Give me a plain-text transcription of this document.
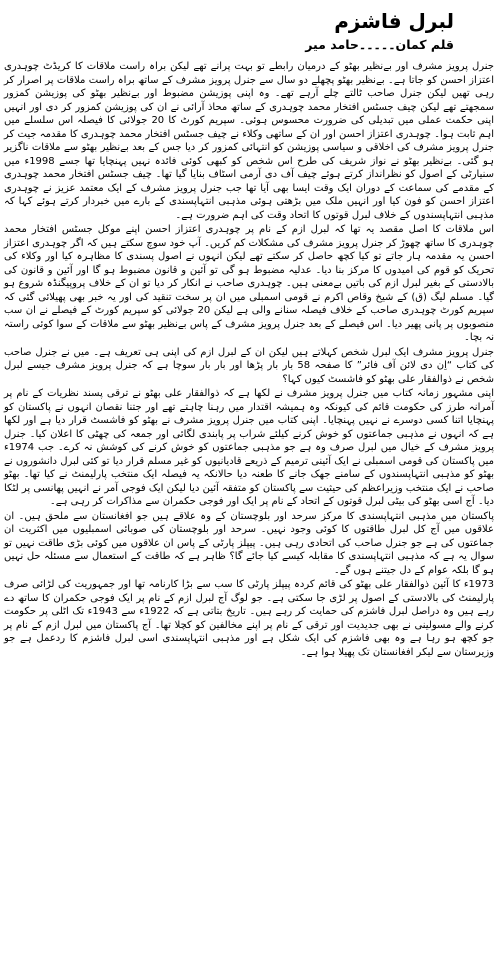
لبرل فاشزم
قلم کمان۔۔۔۔۔حامد میر

جنرل پرویز مشرف اور بےنظیر بھٹو کے درمیان رابطے تو بہت پرانے تھے لیکن براہ راست ملاقات کا کریڈٹ چوہدری اعتزاز احسن کو جاتا ہے۔ بےنظیر بھٹو پچھلے دو سال سے جنرل پرویز مشرف کے ساتھ براہ راست ملاقات پر اصرار کر رہی تھیں لیکن جنرل صاحب ٹالتے چلے آرہے تھے۔ وہ اپنی پوزیشن مضبوط اور بےنظیر بھٹو کی پوزیشن کمزور سمجھتے تھے لیکن چیف جسٹس افتخار محمد چوہدری کے ساتھ محاذ آرائی نے ان کی پوزیشن کمزور کر دی اور انہیں اپنی حکمت عملی میں تبدیلی کی ضرورت محسوس ہوئی۔ سپریم کورٹ کا 20 جولائی کا فیصلہ اس سلسلے میں اہم ثابت ہوا۔ چوہدری اعتزاز احسن اور ان کے ساتھی وکلاء نے چیف جسٹس افتخار محمد چوہدری کا مقدمہ جیت کر جنرل پرویز مشرف کی اخلاقی و سیاسی پوزیشن کو انتہائی کمزور کر دیا جس کے بعد بےنظیر بھٹو سے ملاقات ناگزیر ہو گئی۔ بےنظیر بھٹو نے نواز شریف کی طرح اس شخص کو کبھی کوئی فائدہ نہیں پہنچایا تھا جسے 1998ء میں سنیارٹی کے اصول کو نظرانداز کرتے ہوئے چیف آف دی آرمی اسٹاف بنایا گیا تھا۔ چیف جسٹس افتخار محمد چوہدری کے مقدمے کی سماعت کے دوران ایک وقت ایسا بھی آیا تھا جب جنرل پرویز مشرف کے ایک معتمد عزیز نے چوہدری اعتزاز احسن کو فون کیا اور انہیں ملک میں بڑھتی ہوئی مذہبی انتہاپسندی کے بارے میں خبردار کرتے ہوئے کہا کہ مذہبی انتہاپسندوں کے خلاف لبرل قوتوں کا اتحاد وقت کی اہم ضرورت ہے۔

اس ملاقات کا اصل مقصد یہ تھا کہ لبرل ازم کے نام پر چوہدری اعتزاز احسن اپنے موکل جسٹس افتخار محمد چوہدری کا ساتھ چھوڑ کر جنرل پرویز مشرف کی مشکلات کم کریں۔ آپ خود سوچ سکتے ہیں کہ اگر چوہدری اعتزاز احسن یہ مقدمہ ہار جاتے تو کیا کچھ حاصل کر سکتے تھے لیکن انہوں نے اصول پسندی کا مظاہرہ کیا اور وکلاء کی تحریک کو قوم کی امیدوں کا مرکز بنا دیا۔ عدلیہ مضبوط ہو گی تو آئین و قانون مضبوط ہو گا اور آئین و قانون کی بالادستی کے بغیر لبرل ازم کی باتیں بےمعنی ہیں۔ چوہدری صاحب نے انکار کر دیا تو ان کے خلاف پروپیگنڈہ شروع ہو گیا۔ مسلم لیگ (ق) کے شیخ وقاص اکرم نے قومی اسمبلی میں ان پر سخت تنقید کی اور یہ خبر بھی پھیلائی گئی کہ سپریم کورٹ چوہدری صاحب کے خلاف فیصلہ سنانے والی ہے لیکن 20 جولائی کو سپریم کورٹ کے فیصلے نے ان سب منصوبوں پر پانی پھیر دیا۔ اس فیصلے کے بعد جنرل پرویز مشرف کے پاس بےنظیر بھٹو سے ملاقات کے سوا کوئی راستہ نہ بچا۔

جنرل پرویز مشرف ایک لبرل شخص کہلاتے ہیں لیکن ان کے لبرل ازم کی اپنی ہی تعریف ہے۔ میں نے جنرل صاحب کی کتاب “اِن دی لائن آف فائر” کا صفحہ 58 بار بار پڑھا اور بار بار سوچا ہے کہ جنرل پرویز مشرف جیسے لبرل شخص نے ذوالفقار علی بھٹو کو فاشسٹ کیوں کہا؟

اپنی مشہور زمانہ کتاب میں جنرل پرویز مشرف نے لکھا ہے کہ ذوالفقار علی بھٹو نے ترقی پسند نظریات کے نام پر آمرانہ طرز کی حکومت قائم کی کیونکہ وہ ہمیشہ اقتدار میں رہنا چاہتے تھے اور جتنا نقصان انہوں نے پاکستان کو پہنچایا اتنا کسی دوسرے نے نہیں پہنچایا۔ اپنی کتاب میں جنرل پرویز مشرف نے بھٹو کو فاشسٹ قرار دیا ہے اور لکھا ہے کہ انہوں نے مذہبی جماعتوں کو خوش کرنے کیلئے شراب پر پابندی لگائی اور جمعہ کی چھٹی کا اعلان کیا۔ جنرل پرویز مشرف کے خیال میں لبرل صرف وہ ہے جو مذہبی جماعتوں کو خوش کرنے کی کوشش نہ کرے۔ جب 1974ء میں پاکستان کی قومی اسمبلی نے ایک آئینی ترمیم کے ذریعے قادیانیوں کو غیر مسلم قرار دیا تو کئی لبرل دانشوروں نے بھٹو کو مذہبی انتہاپسندوں کے سامنے جھک جانے کا طعنہ دیا حالانکہ یہ فیصلہ ایک منتخب پارلیمنٹ نے کیا تھا۔ بھٹو صاحب نے ایک منتخب وزیراعظم کی حیثیت سے پاکستان کو متفقہ آئین دیا لیکن ایک فوجی آمر نے انہیں پھانسی پر لٹکا دیا۔ آج اسی بھٹو کی بیٹی لبرل قوتوں کے اتحاد کے نام پر ایک اور فوجی حکمران سے مذاکرات کر رہی ہے۔

پاکستان میں مذہبی انتہاپسندی کا مرکز سرحد اور بلوچستان کے وہ علاقے ہیں جو افغانستان سے ملحق ہیں۔ ان علاقوں میں آج کل لبرل طاقتوں کا کوئی وجود نہیں۔ سرحد اور بلوچستان کی صوبائی اسمبلیوں میں اکثریت ان جماعتوں کی ہے جو جنرل صاحب کی اتحادی رہی ہیں۔ پیپلز پارٹی کے پاس ان علاقوں میں کوئی بڑی طاقت نہیں تو سوال یہ ہے کہ مذہبی انتہاپسندی کا مقابلہ کیسے کیا جائے گا؟ ظاہر ہے کہ طاقت کے استعمال سے مسئلہ حل نہیں ہو گا بلکہ عوام کے دل جیتنے ہوں گے۔

1973ء کا آئین ذوالفقار علی بھٹو کی قائم کردہ پیپلز پارٹی کا سب سے بڑا کارنامہ تھا اور جمہوریت کی لڑائی صرف پارلیمنٹ کی بالادستی کے اصول پر لڑی جا سکتی ہے۔ جو لوگ آج لبرل ازم کے نام پر ایک فوجی حکمران کا ساتھ دے رہے ہیں وہ دراصل لبرل فاشزم کی حمایت کر رہے ہیں۔ تاریخ بتاتی ہے کہ 1922ء سے 1943ء تک اٹلی پر حکومت کرنے والے مسولینی نے بھی جدیدیت اور ترقی کے نام پر اپنے مخالفین کو کچلا تھا۔ آج پاکستان میں لبرل ازم کے نام پر جو کچھ ہو رہا ہے وہ بھی فاشزم کی ایک شکل ہے اور مذہبی انتہاپسندی اسی لبرل فاشزم کا ردعمل ہے جو وزیرستان سے لیکر افغانستان تک پھیلا ہوا ہے۔
